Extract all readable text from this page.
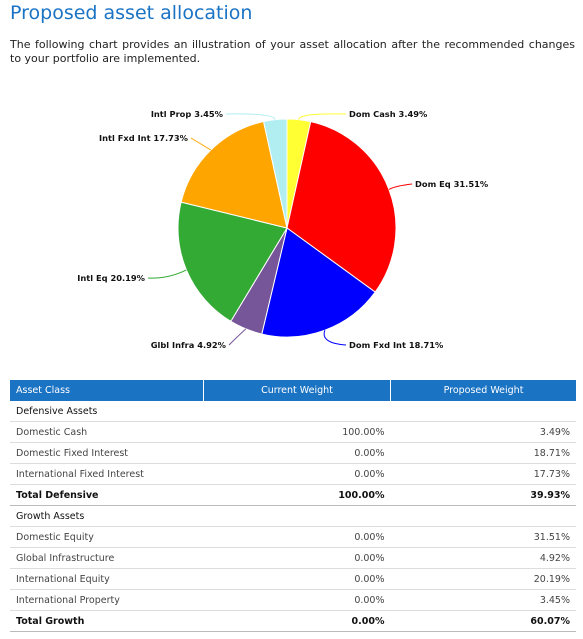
Proposed asset allocation

The following chart provides an illustration of your asset allocation after the recommended changes to your portfolio are implemented.

Dom Cash 3.49%
Dom Eq 31.51%
Dom Fxd Int 18.71%
Glbl Infra 4.92%
Intl Eq 20.19%
Intl Fxd Int 17.73%
Intl Prop 3.45%
Asset Class	Current Weight	Proposed Weight
Defensive Assets		
Domestic Cash	100.00%	3.49%
Domestic Fixed Interest	0.00%	18.71%
International Fixed Interest	0.00%	17.73%
Total Defensive	100.00%	39.93%
Growth Assets		
Domestic Equity	0.00%	31.51%
Global Infrastructure	0.00%	4.92%
International Equity	0.00%	20.19%
International Property	0.00%	3.45%
Total Growth	0.00%	60.07%
